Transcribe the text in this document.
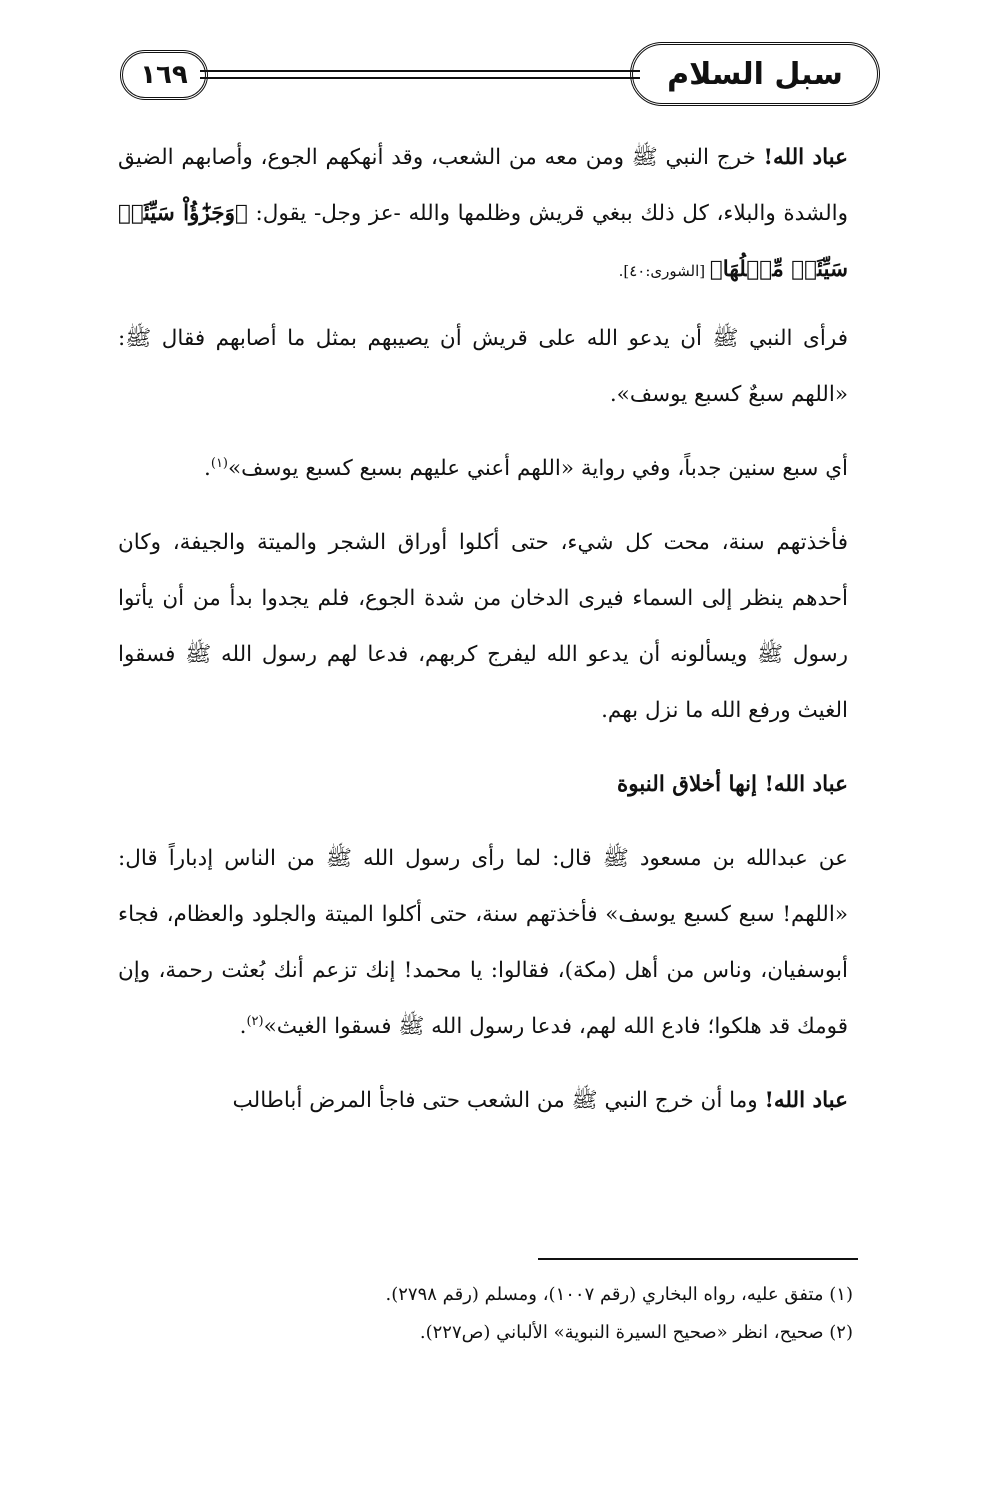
١٦٩	سبل السلام

عباد الله! خرج النبي ﷺ ومن معه من الشعب، وقد أنهكهم الجوع، وأصابهم الضيق والشدة والبلاء، كل ذلك ببغي قريش وظلمها والله -عز وجل- يقول: ﴿وَجَزَٰٓؤُاْ سَيِّئَةٖ سَيِّئَةٞ مِّثۡلُهَا﴾ [الشورى:٤٠].

فرأى النبي ﷺ أن يدعو الله على قريش أن يصيبهم بمثل ما أصابهم فقال ﷺ: «اللهم سبعٌ كسبع يوسف».

أي سبع سنين جدباً، وفي رواية «اللهم أعني عليهم بسبع كسبع يوسف»$^{(١)}$.

فأخذتهم سنة، محت كل شيء، حتى أكلوا أوراق الشجر والميتة والجيفة، وكان أحدهم ينظر إلى السماء فيرى الدخان من شدة الجوع، فلم يجدوا بدأ من أن يأتوا رسول ﷺ ويسألونه أن يدعو الله ليفرج كربهم، فدعا لهم رسول الله ﷺ فسقوا الغيث ورفع الله ما نزل بهم.

عباد الله! إنها أخلاق النبوة

عن عبدالله بن مسعود ﷺ قال: لما رأى رسول الله ﷺ من الناس إدباراً قال: «اللهم! سبع كسبع يوسف» فأخذتهم سنة، حتى أكلوا الميتة والجلود والعظام، فجاء أبوسفيان، وناس من أهل (مكة)، فقالوا: يا محمد! إنك تزعم أنك بُعثت رحمة، وإن قومك قد هلكوا؛ فادع الله لهم، فدعا رسول الله ﷺ فسقوا الغيث»$^{(٢)}$.

عباد الله! وما أن خرج النبي ﷺ من الشعب حتى فاجأ المرض أباطالب

(١) متفق عليه، رواه البخاري (رقم ١٠٠٧)، ومسلم (رقم ٢٧٩٨).
(٢) صحيح، انظر «صحيح السيرة النبوية» الألباني (ص٢٢٧).
